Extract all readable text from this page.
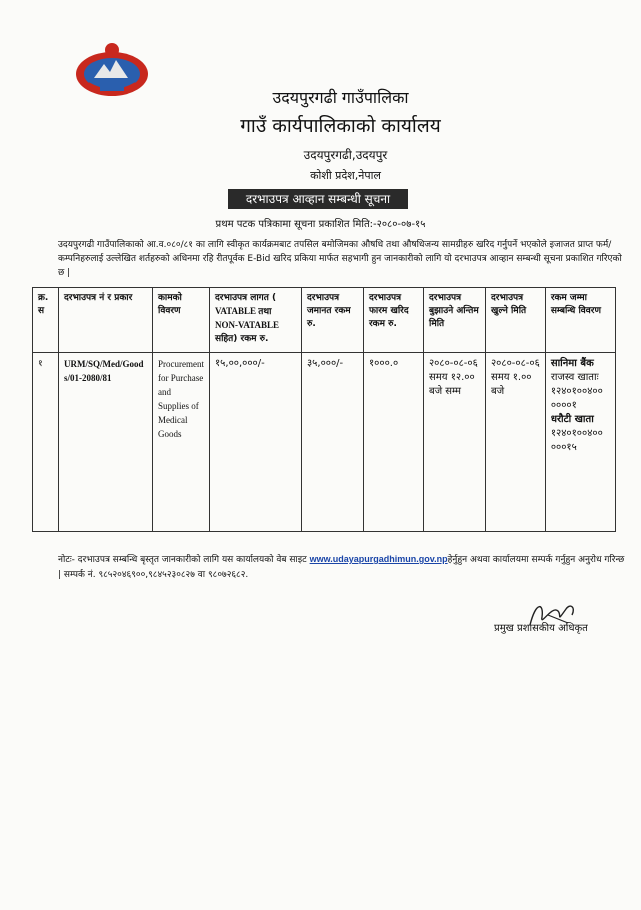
उदयपुरगढी गाउँपालिका
गाउँ कार्यपालिकाको कार्यालय
उदयपुरगढी,उदयपुर
कोशी प्रदेश,नेपाल
दरभाउपत्र आव्हान सम्बन्धी सूचना
प्रथम पटक पत्रिकामा सूचना प्रकाशित मिति:-२०८०-०७-१५
उदयपुरगढी गाउँपालिकाको आ.व.०८०/८१ का लागि स्वीकृत कार्यक्रमबाट तपसिल बमोजिमका औषधि तथा औषधिजन्य सामग्रीहरु खरिद गर्नुपर्ने भएकोले इजाजत प्राप्त फर्म/ कम्पनिहरुलाई उल्लेखित शर्तहरुको अधिनमा रहि रीतपूर्वक E-Bid खरिद प्रकिया मार्फत सहभागी हुन जानकारीको लागि यो दरभाउपत्र आव्हान सम्बन्धी सूचना प्रकाशित गरिएको छ |
क्र. स	दरभाउपत्र नं र प्रकार	कामको विवरण	दरभाउपत्र लागत ( VATABLE तथा NON-VATABLE सहित) रकम रु.	दरभाउपत्र जमानत रकम रु.	दरभाउपत्र फारम खरिद रकम रु.	दरभाउपत्र बुझाउने अन्तिम मिति	दरभाउपत्र खुल्ने मिति	रकम जम्मा सम्बन्धि विवरण
१	URM/SQ/Med/Goods/01-2080/81	Procurement for Purchase and Supplies of Medical Goods	१५,००,०००/-	३५,०००/-	१०००.०	२०८०-०८-०६ समय १२.०० बजे सम्म	२०८०-०८-०६ समय १.०० बजे	सानिमा बैंक
राजस्व खाताः
१२४०१००४०० ००००१
धरौटी खाता
१२४०१००४०० ०००१५
नोटः- दरभाउपत्र सम्बन्धि बृस्तृत जानकारीको लागि यस कार्यालयको वेब साइट www.udayapurgadhimun.gov.npहेर्नुहुन अथवा कार्यालयमा सम्पर्क गर्नुहुन अनुरोध गरिन्छ | सम्पर्क नं. ९८५२०४६९००,९८४५२३०८२७ वा ९८०७२६८२.
प्रमुख प्रशासकीय अधिकृत
